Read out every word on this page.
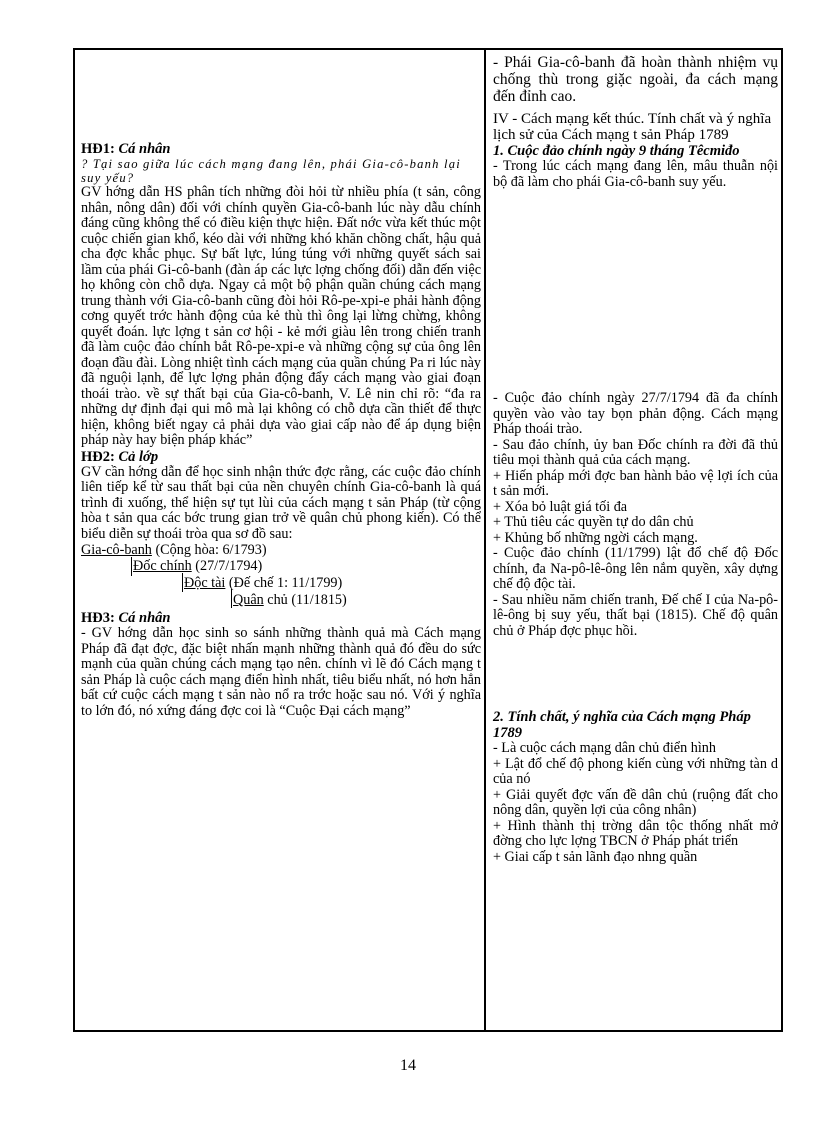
HĐ1: Cá nhân
? Tại sao giữa lúc cách mạng đang lên, phái Gia-cô-banh lại suy yếu?
GV hớng dẫn HS phân tích những đòi hỏi từ nhiều phía (t sản, công nhân, nông dân) đối với chính quyền Gia-cô-banh lúc này dẫu chính đáng cũng không thể có điều kiện thực hiện. Đất nớc vừa kết thúc một cuộc chiến gian khổ, kéo dài với những khó khăn chồng chất, hậu quả cha đợc khắc phục. Sự bất lực, lúng túng với những quyết sách sai lầm của phái Gi-cô-banh (đàn áp các lực lợng chống đối) dẫn đến việc họ không còn chỗ dựa. Ngay cả một bộ phận quần chúng cách mạng trung thành với Gia-cô-banh cũng đòi hỏi Rô-pe-xpi-e phải hành động cơng quyết trớc hành động của kẻ thù thì ông lại lừng chừng, không quyết đoán. lực lợng t sản cơ hội - kẻ mới giàu lên trong chiến tranh đã làm cuộc đảo chính bắt Rô-pe-xpi-e và những cộng sự của ông lên đoạn đầu đài. Lòng nhiệt tình cách mạng của quần chúng Pa ri lúc này đã nguội lạnh, để lực lợng phản động đẩy cách mạng vào giai đoạn thoái trào. về sự thất bại của Gia-cô-banh, V. Lê nin chỉ rõ: “đa ra những dự định đại qui mô mà lại không có chỗ dựa cần thiết để thực hiện, không biết ngay cả phải dựa vào giai cấp nào để áp dụng biện pháp này hay biện pháp khác”
HĐ2: Cả lớp
GV cần hớng dẫn để học sinh nhận thức đợc rằng, các cuộc đảo chính liên tiếp kể từ sau thất bại của nền chuyên chính Gia-cô-banh là quá trình đi xuống, thể hiện sự tụt lùi của cách mạng t sản Pháp (từ cộng hòa t sản qua các bớc trung gian trở về quân chủ phong kiến). Có thể biểu diễn sự thoái tròa qua sơ đồ sau:
Gia-cô-banh (Cộng hòa: 6/1793)
Đốc chính (27/7/1794)
Độc tài (Đế chế 1: 11/1799)
Quân chủ (11/1815)
HĐ3: Cá nhân
- GV hớng dẫn học sinh so sánh những thành quả mà Cách mạng Pháp đã đạt đợc, đặc biệt nhấn mạnh những thành quả đó đều do sức mạnh của quần chúng cách mạng tạo nên. chính vì lẽ đó Cách mạng t sản Pháp là cuộc cách mạng điển hình nhất, tiêu biểu nhất, nó hơn hẳn bất cứ cuộc cách mạng t sản nào nổ ra trớc hoặc sau nó. Với ý nghĩa to lớn đó, nó xứng đáng đợc coi là “Cuộc Đại cách mạng”
- Phái Gia-cô-banh đã hoàn thành nhiệm vụ chống thù trong giặc ngoài, đa cách mạng đến đỉnh cao.
IV - Cách mạng kết thúc. Tính chất và ý nghĩa lịch sử của Cách mạng t sản Pháp 1789
1. Cuộc đảo chính ngày 9 tháng Têcmiđo
- Trong lúc cách mạng đang lên, mâu thuẫn nội bộ đã làm cho phái Gia-cô-banh suy yếu.
- Cuộc đảo chính ngày 27/7/1794 đã đa chính quyền vào vào tay bọn phản động. Cách mạng Pháp thoái trào.
- Sau đảo chính, ủy ban Đốc chính ra đời đã thủ tiêu mọi thành quả của cách mạng.
+ Hiến pháp mới đợc ban hành bảo vệ lợi ích của t sản mới.
+ Xóa bỏ luật giá tối đa
+ Thủ tiêu các quyền tự do dân chủ
+ Khủng bố những ngời cách mạng.
- Cuộc đảo chính (11/1799) lật đổ chế độ Đốc chính, đa Na-pô-lê-ông lên nắm quyền, xây dựng chế độ độc tài.
- Sau nhiều năm chiến tranh, Đế chế I của Na-pô-lê-ông bị suy yếu, thất bại (1815). Chế độ quân chủ ở Pháp đợc phục hồi.
2. Tính chất, ý nghĩa của Cách mạng Pháp 1789
- Là cuộc cách mạng dân chủ điển hình
+ Lật đổ chế độ phong kiến cùng với những tàn d của nó
+ Giải quyết đợc vấn đề dân chủ (ruộng đất cho nông dân, quyền lợi của công nhân)
+ Hình thành thị trờng dân tộc thống nhất mở đờng cho lực lợng TBCN ở Pháp phát triển
+ Giai cấp t sản lãnh đạo nhng quần
14
